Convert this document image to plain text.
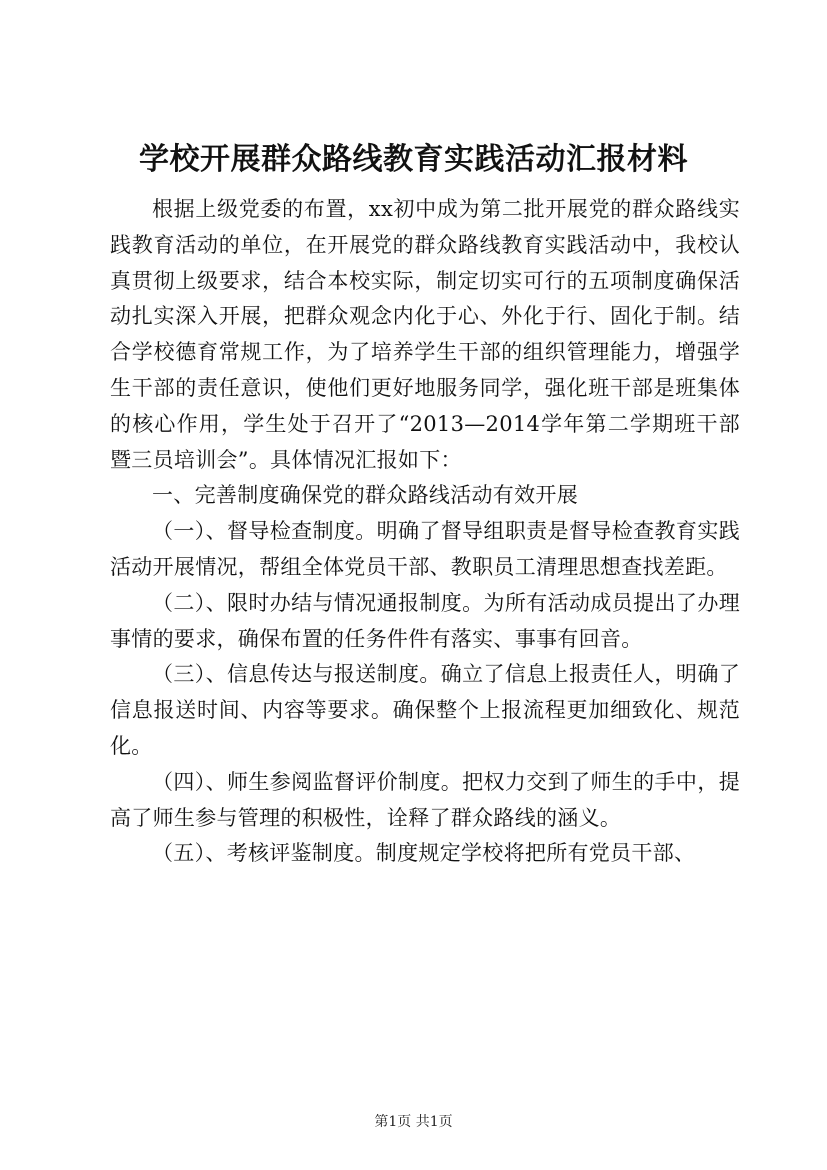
学校开展群众路线教育实践活动汇报材料

根据上级党委的布置，xx初中成为第二批开展党的群众路线实践教育活动的单位，在开展党的群众路线教育实践活动中，我校认真贯彻上级要求，结合本校实际，制定切实可行的五项制度确保活动扎实深入开展，把群众观念内化于心、外化于行、固化于制。结合学校德育常规工作，为了培养学生干部的组织管理能力，增强学生干部的责任意识，使他们更好地服务同学，强化班干部是班集体的核心作用，学生处于召开了“2013—2014学年第二学期班干部暨三员培训会”。具体情况汇报如下：

一、完善制度确保党的群众路线活动有效开展

（一）、督导检查制度。明确了督导组职责是督导检查教育实践活动开展情况，帮组全体党员干部、教职员工清理思想查找差距。

（二）、限时办结与情况通报制度。为所有活动成员提出了办理事情的要求，确保布置的任务件件有落实、事事有回音。

（三）、信息传达与报送制度。确立了信息上报责任人，明确了信息报送时间、内容等要求。确保整个上报流程更加细致化、规范化。

（四）、师生参阅监督评价制度。把权力交到了师生的手中，提高了师生参与管理的积极性，诠释了群众路线的涵义。

（五）、考核评鉴制度。制度规定学校将把所有党员干部、

第1页 共1页
